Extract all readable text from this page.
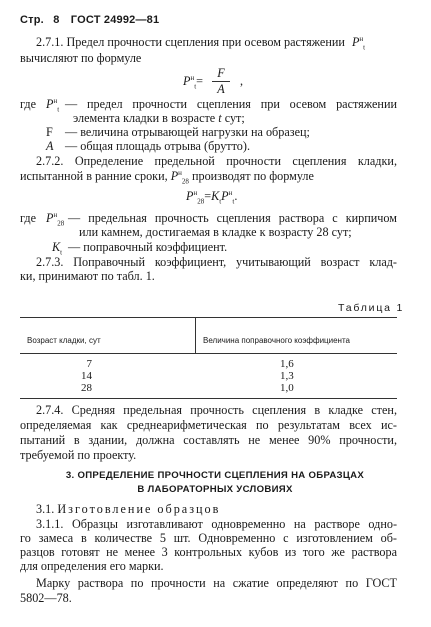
Стр. 8 ГОСТ 24992—81
2.7.1. Предел прочности сцепления при осевом растяжении $P^н_t$
вычисляют по формуле
$P^н_t=$
F
A
,
где $P^н_t$ — предел прочности сцепления при осевом растяжении
элемента кладки в возрасте t сут;
F — величина отрывающей нагрузки на образец;
A — общая площадь отрыва (брутто).
2.7.2. Определение предельной прочности сцепления кладки,
испытанной в ранние сроки, $P^н_{28}$ производят по формуле
$P^н_{28}=K_tP^н_t$.
где $P^н_{28}$ — предельная прочность сцепления раствора с кирпичом
или камнем, достигаемая в кладке к возрасту 28 сут;
$K_t$ — поправочный коэффициент.
2.7.3. Поправочный коэффициент, учитывающий возраст клад-
ки, принимают по табл. 1.
Таблица 1
Возраст кладки, сут	Величина поправочного коэффициента
7
14
28
1,6
1,3
1,0
2.7.4. Средняя предельная прочность сцепления в кладке стен,
определяемая как среднеарифметическая по результатам всех ис-
пытаний в здании, должна составлять не менее 90% прочности,
требуемой по проекту.
3. ОПРЕДЕЛЕНИЕ ПРОЧНОСТИ СЦЕПЛЕНИЯ НА ОБРАЗЦАХ
В ЛАБОРАТОРНЫХ УСЛОВИЯХ
3.1. Изготовление образцов
3.1.1. Образцы изготавливают одновременно на растворе одно-
го замеса в количестве 5 шт. Одновременно с изготовлением об-
разцов готовят не менее 3 контрольных кубов из того же раствора
для определения его марки.
Марку раствора по прочности на сжатие определяют по ГОСТ
5802—78.
